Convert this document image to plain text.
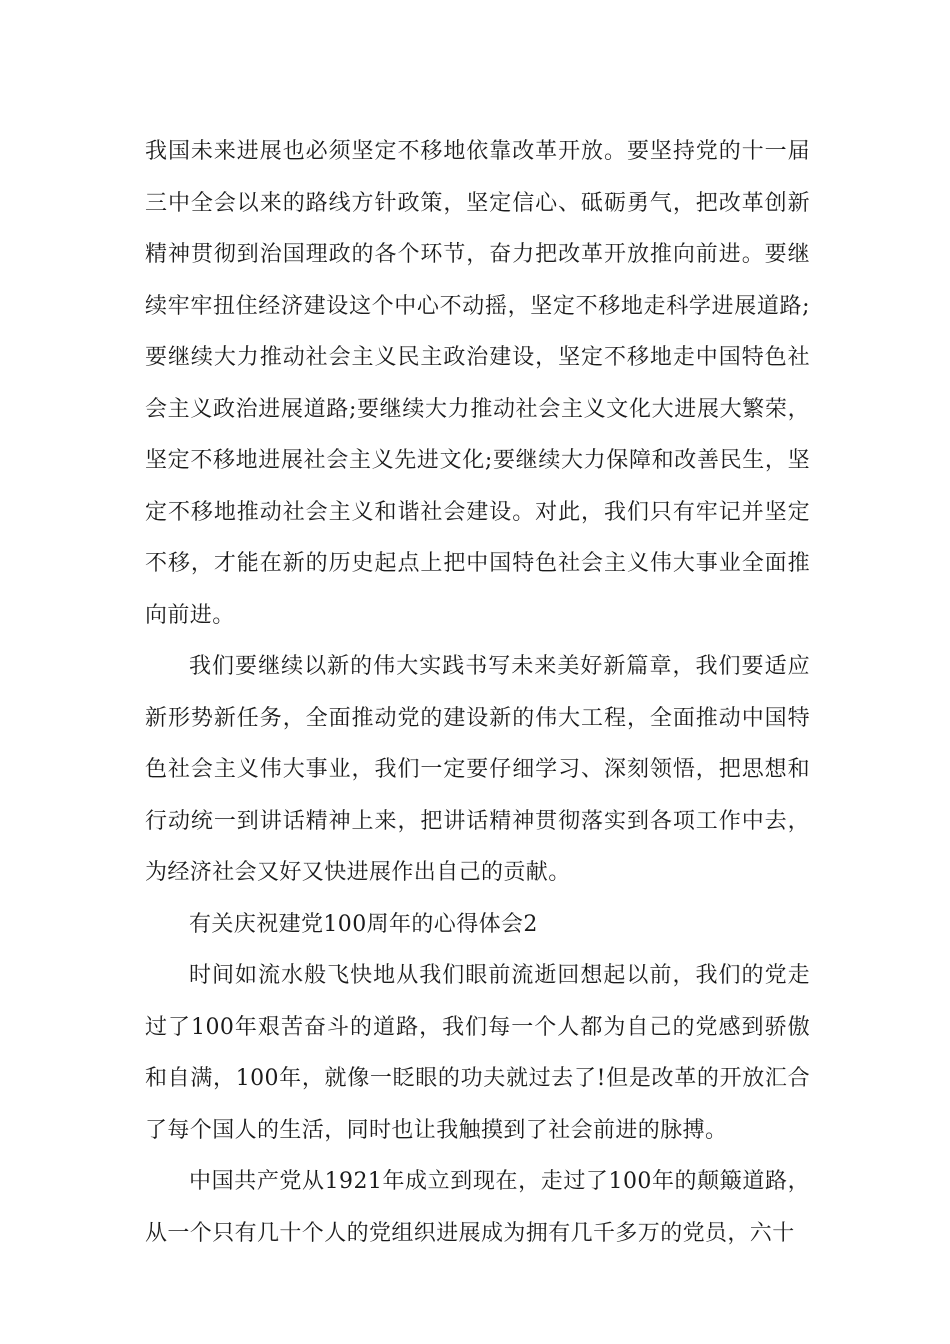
我国未来进展也必须坚定不移地依靠改革开放。要坚持党的十一届三中全会以来的路线方针政策，坚定信心、砥砺勇气，把改革创新精神贯彻到治国理政的各个环节，奋力把改革开放推向前进。要继续牢牢扭住经济建设这个中心不动摇，坚定不移地走科学进展道路;要继续大力推动社会主义民主政治建设，坚定不移地走中国特色社会主义政治进展道路;要继续大力推动社会主义文化大进展大繁荣，坚定不移地进展社会主义先进文化;要继续大力保障和改善民生，坚定不移地推动社会主义和谐社会建设。对此，我们只有牢记并坚定不移，才能在新的历史起点上把中国特色社会主义伟大事业全面推向前进。

我们要继续以新的伟大实践书写未来美好新篇章，我们要适应新形势新任务，全面推动党的建设新的伟大工程，全面推动中国特色社会主义伟大事业，我们一定要仔细学习、深刻领悟，把思想和行动统一到讲话精神上来，把讲话精神贯彻落实到各项工作中去，为经济社会又好又快进展作出自己的贡献。

有关庆祝建党100周年的心得体会2

时间如流水般飞快地从我们眼前流逝回想起以前，我们的党走过了100年艰苦奋斗的道路，我们每一个人都为自己的党感到骄傲和自满，100年，就像一眨眼的功夫就过去了!但是改革的开放汇合了每个国人的生活，同时也让我触摸到了社会前进的脉搏。

中国共产党从1921年成立到现在，走过了100年的颠簸道路，从一个只有几十个人的党组织进展成为拥有几千多万的党员，六十
